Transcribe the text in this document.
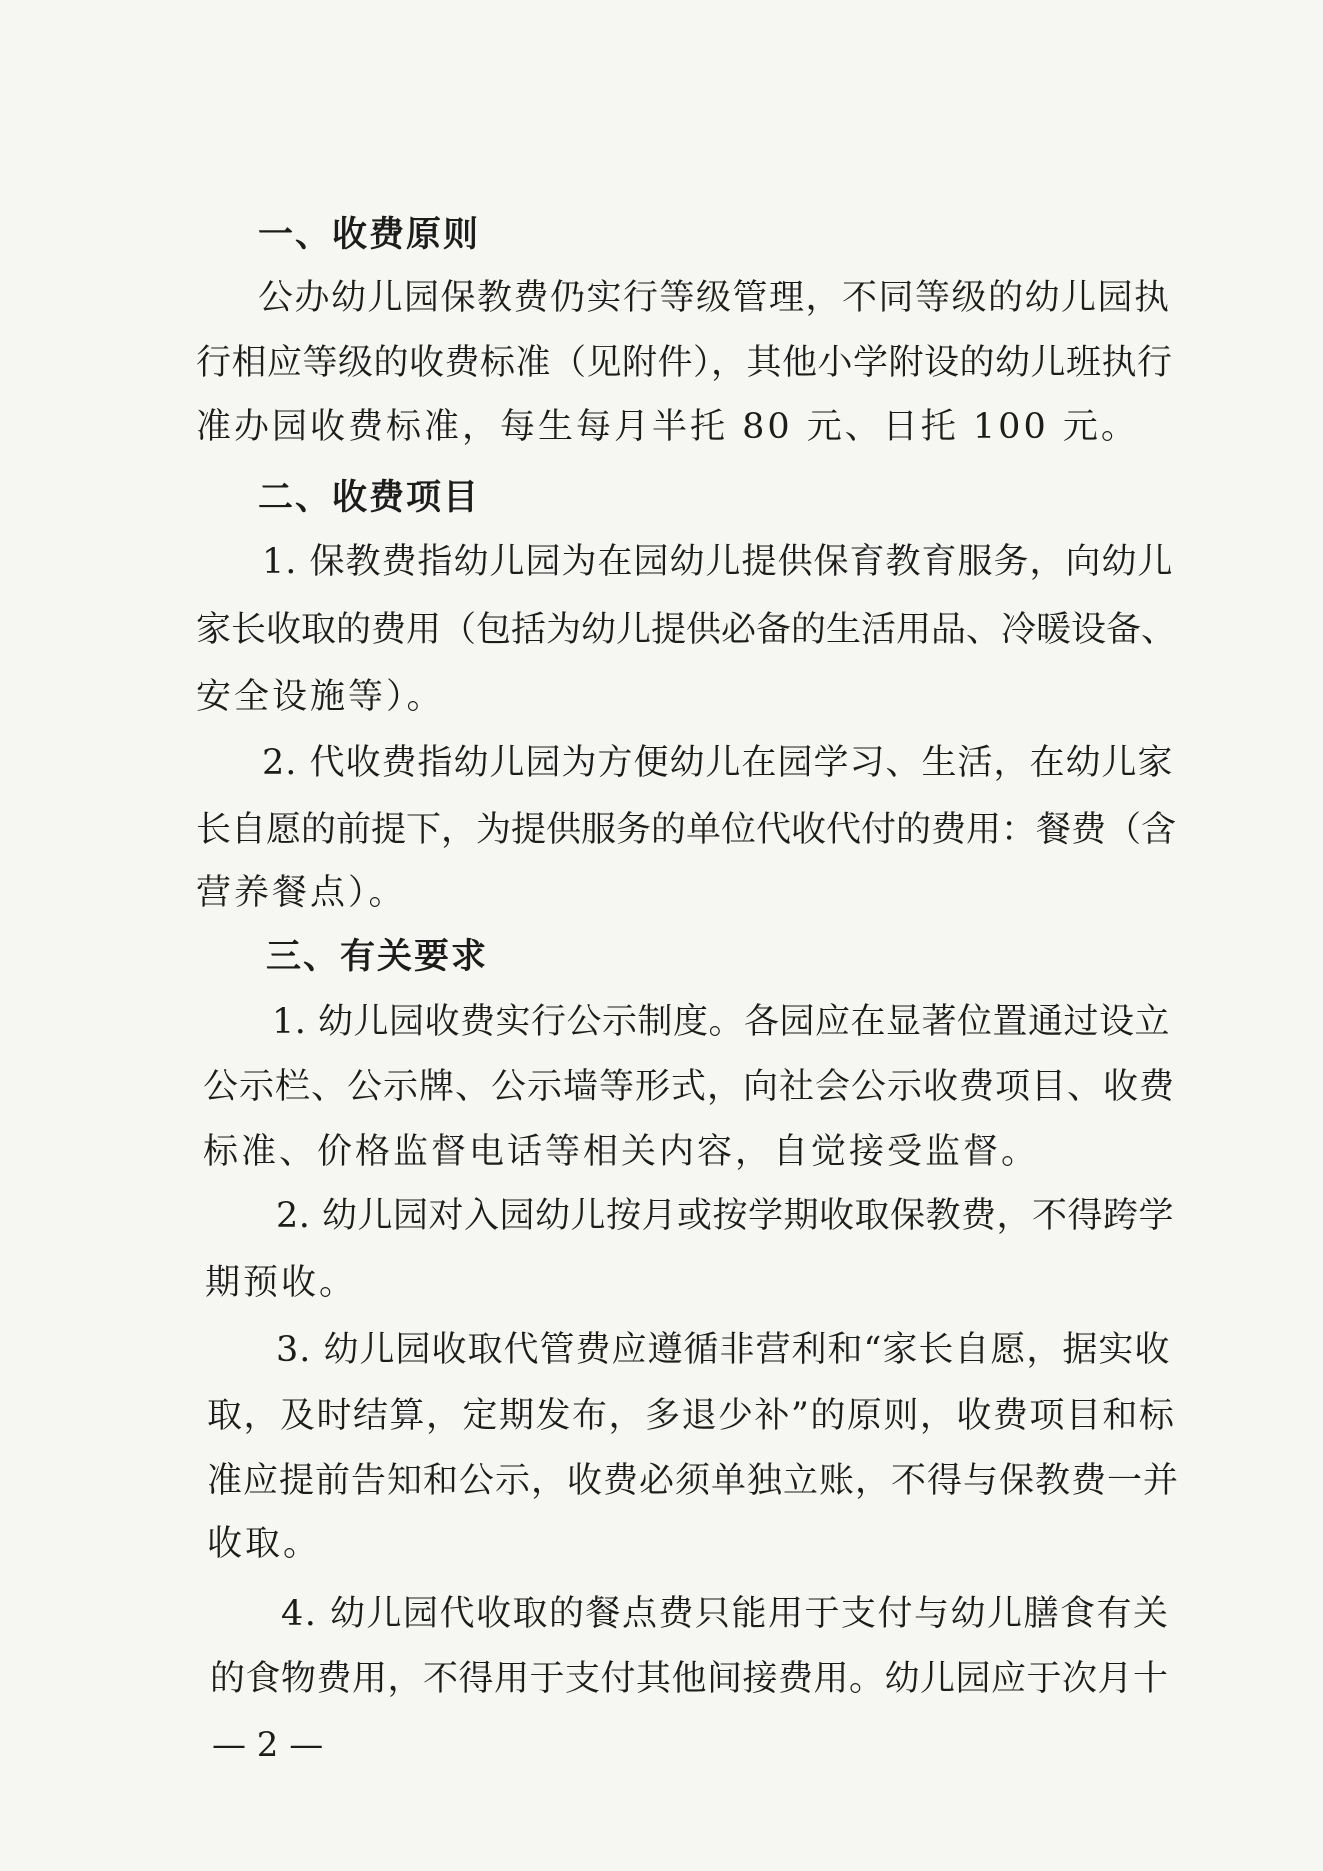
一、收费原则
公办幼儿园保教费仍实行等级管理，不同等级的幼儿园执
行相应等级的收费标准（见附件），其他小学附设的幼儿班执行
准办园收费标准，每生每月半托 80 元、日托 100 元。
二、收费项目
1. 保教费指幼儿园为在园幼儿提供保育教育服务，向幼儿
家长收取的费用（包括为幼儿提供必备的生活用品、冷暖设备、
安全设施等）。
2. 代收费指幼儿园为方便幼儿在园学习、生活，在幼儿家
长自愿的前提下，为提供服务的单位代收代付的费用：餐费（含
营养餐点）。
三、有关要求
1. 幼儿园收费实行公示制度。各园应在显著位置通过设立
公示栏、公示牌、公示墙等形式，向社会公示收费项目、收费
标准、价格监督电话等相关内容，自觉接受监督。
2. 幼儿园对入园幼儿按月或按学期收取保教费，不得跨学
期预收。
3. 幼儿园收取代管费应遵循非营利和“家长自愿，据实收
取，及时结算，定期发布，多退少补”的原则，收费项目和标
准应提前告知和公示，收费必须单独立账，不得与保教费一并
收取。
4. 幼儿园代收取的餐点费只能用于支付与幼儿膳食有关
的食物费用，不得用于支付其他间接费用。幼儿园应于次月十
— 2 —
